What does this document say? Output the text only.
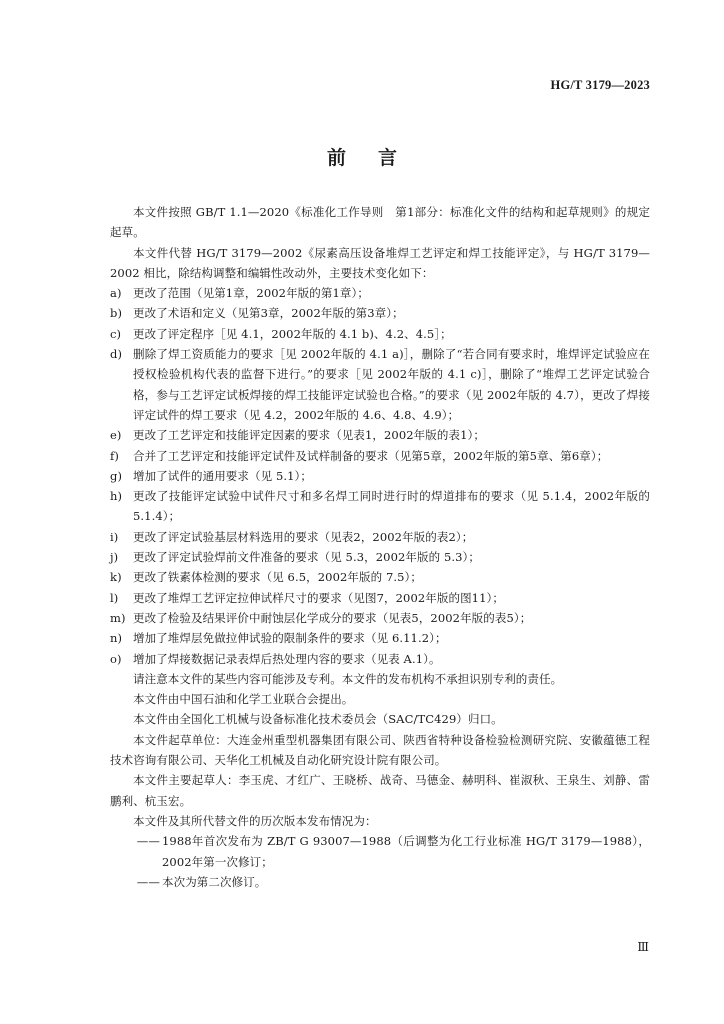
HG/T 3179—2023
前言

本文件按照 GB/T 1.1—2020《标准化工作导则　第1部分：标准化文件的结构和起草规则》的规定起草。

本文件代替 HG/T 3179—2002《尿素高压设备堆焊工艺评定和焊工技能评定》，与 HG/T 3179—2002 相比，除结构调整和编辑性改动外，主要技术变化如下：

a) 更改了范围（见第1章，2002年版的第1章）；
b) 更改了术语和定义（见第3章，2002年版的第3章）；
c)	更改了评定程序［见 4.1，2002年版的 4.1 b)、4.2、4.5］；
d) 删除了焊工资质能力的要求［见 2002年版的 4.1 a)］，删除了“若合同有要求时，堆焊评定试验应在授权检验机构代表的监督下进行。”的要求［见 2002年版的 4.1 c)］，删除了“堆焊工艺评定试验合格，参与工艺评定试板焊接的焊工技能评定试验也合格。”的要求（见 2002年版的 4.7），更改了焊接评定试件的焊工要求（见 4.2，2002年版的 4.6、4.8、4.9）；
e)	更改了工艺评定和技能评定因素的要求（见表1，2002年版的表1）；
f)	合并了工艺评定和技能评定试件及试样制备的要求（见第5章，2002年版的第5章、第6章）；
g) 增加了试件的通用要求（见 5.1）；
h) 更改了技能评定试验中试件尺寸和多名焊工同时进行时的焊道排布的要求（见 5.1.4，2002年版的 5.1.4）；
i)	更改了评定试验基层材料选用的要求（见表2，2002年版的表2）；
j)	更改了评定试验焊前文件准备的要求（见 5.3，2002年版的 5.3）；
k) 更改了铁素体检测的要求（见 6.5，2002年版的 7.5）；
l)	更改了堆焊工艺评定拉伸试样尺寸的要求（见图7，2002年版的图11）；
m) 更改了检验及结果评价中耐蚀层化学成分的要求（见表5，2002年版的表5）；
n) 增加了堆焊层免做拉伸试验的限制条件的要求（见 6.11.2）；
o) 增加了焊接数据记录表焊后热处理内容的要求（见表 A.1）。

请注意本文件的某些内容可能涉及专利。本文件的发布机构不承担识别专利的责任。

本文件由中国石油和化学工业联合会提出。

本文件由全国化工机械与设备标准化技术委员会（SAC/TC429）归口。

本文件起草单位：大连金州重型机器集团有限公司、陕西省特种设备检验检测研究院、安徽蕴德工程技术咨询有限公司、天华化工机械及自动化研究设计院有限公司。

本文件主要起草人：李玉虎、才红广、王晓桥、战奇、马德金、赫明科、崔淑秋、王泉生、刘静、雷鹏利、杭玉宏。

本文件及其所代替文件的历次版本发布情况为：

—— 1988年首次发布为 ZB/T G 93007—1988（后调整为化工行业标准 HG/T 3179—1988），2002年第一次修订；
—— 本次为第二次修订。
Ⅲ
